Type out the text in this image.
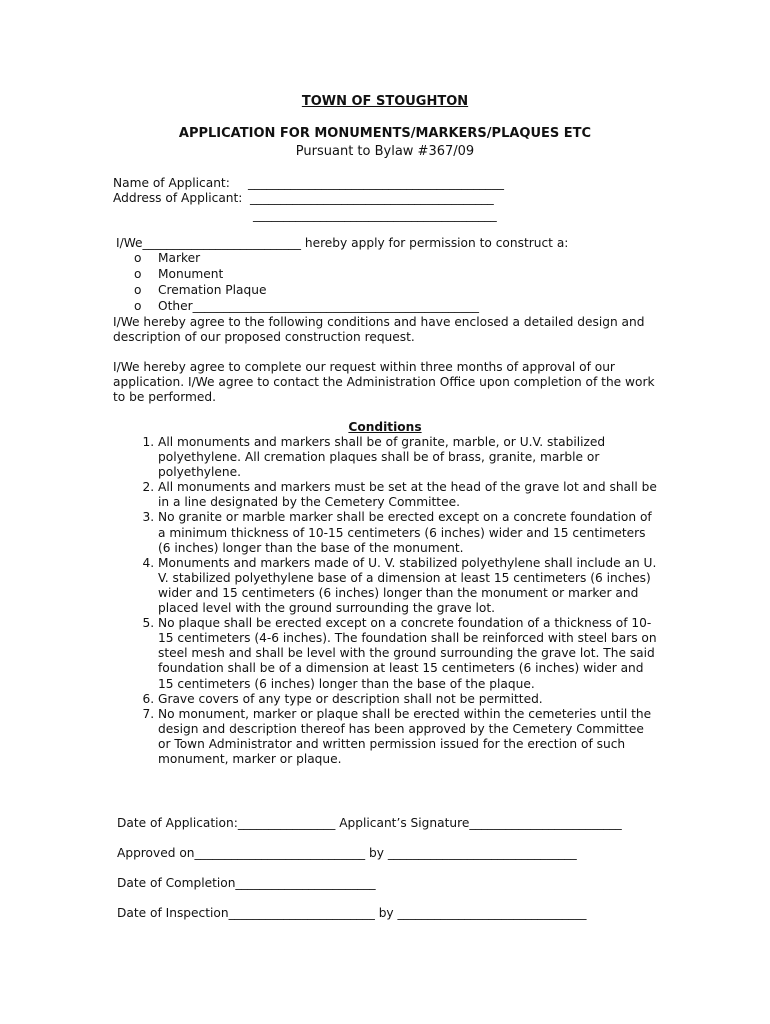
TOWN OF STOUGHTON
APPLICATION FOR MONUMENTS/MARKERS/PLAQUES ETC
Pursuant to Bylaw #367/09
Name of Applicant: __________________________________________
Address of Applicant: ________________________________________
________________________________________
I/We__________________________ hereby apply for permission to construct a:
o Marker
o Monument
o Cremation Plaque
o Other_______________________________________________
I/We hereby agree to the following conditions and have enclosed a detailed design and description of our proposed construction request.
I/We hereby agree to complete our request within three months of approval of our application. I/We agree to contact the Administration Office upon completion of the work to be performed.
Conditions
1. All monuments and markers shall be of granite, marble, or U.V. stabilized polyethylene. All cremation plaques shall be of brass, granite, marble or polyethylene.
2. All monuments and markers must be set at the head of the grave lot and shall be in a line designated by the Cemetery Committee.
3. No granite or marble marker shall be erected except on a concrete foundation of a minimum thickness of 10-15 centimeters (6 inches) wider and 15 centimeters (6 inches) longer than the base of the monument.
4. Monuments and markers made of U. V. stabilized polyethylene shall include an U. V. stabilized polyethylene base of a dimension at least 15 centimeters (6 inches) wider and 15 centimeters (6 inches) longer than the monument or marker and placed level with the ground surrounding the grave lot.
5. No plaque shall be erected except on a concrete foundation of a thickness of 10-15 centimeters (4-6 inches). The foundation shall be reinforced with steel bars on steel mesh and shall be level with the ground surrounding the grave lot. The said foundation shall be of a dimension at least 15 centimeters (6 inches) wider and 15 centimeters (6 inches) longer than the base of the plaque.
6. Grave covers of any type or description shall not be permitted.
7. No monument, marker or plaque shall be erected within the cemeteries until the design and description thereof has been approved by the Cemetery Committee or Town Administrator and written permission issued for the erection of such monument, marker or plaque.
Date of Application:________________ Applicant’s Signature_________________________
Approved on____________________________ by _______________________________
Date of Completion_______________________
Date of Inspection________________________ by _______________________________
